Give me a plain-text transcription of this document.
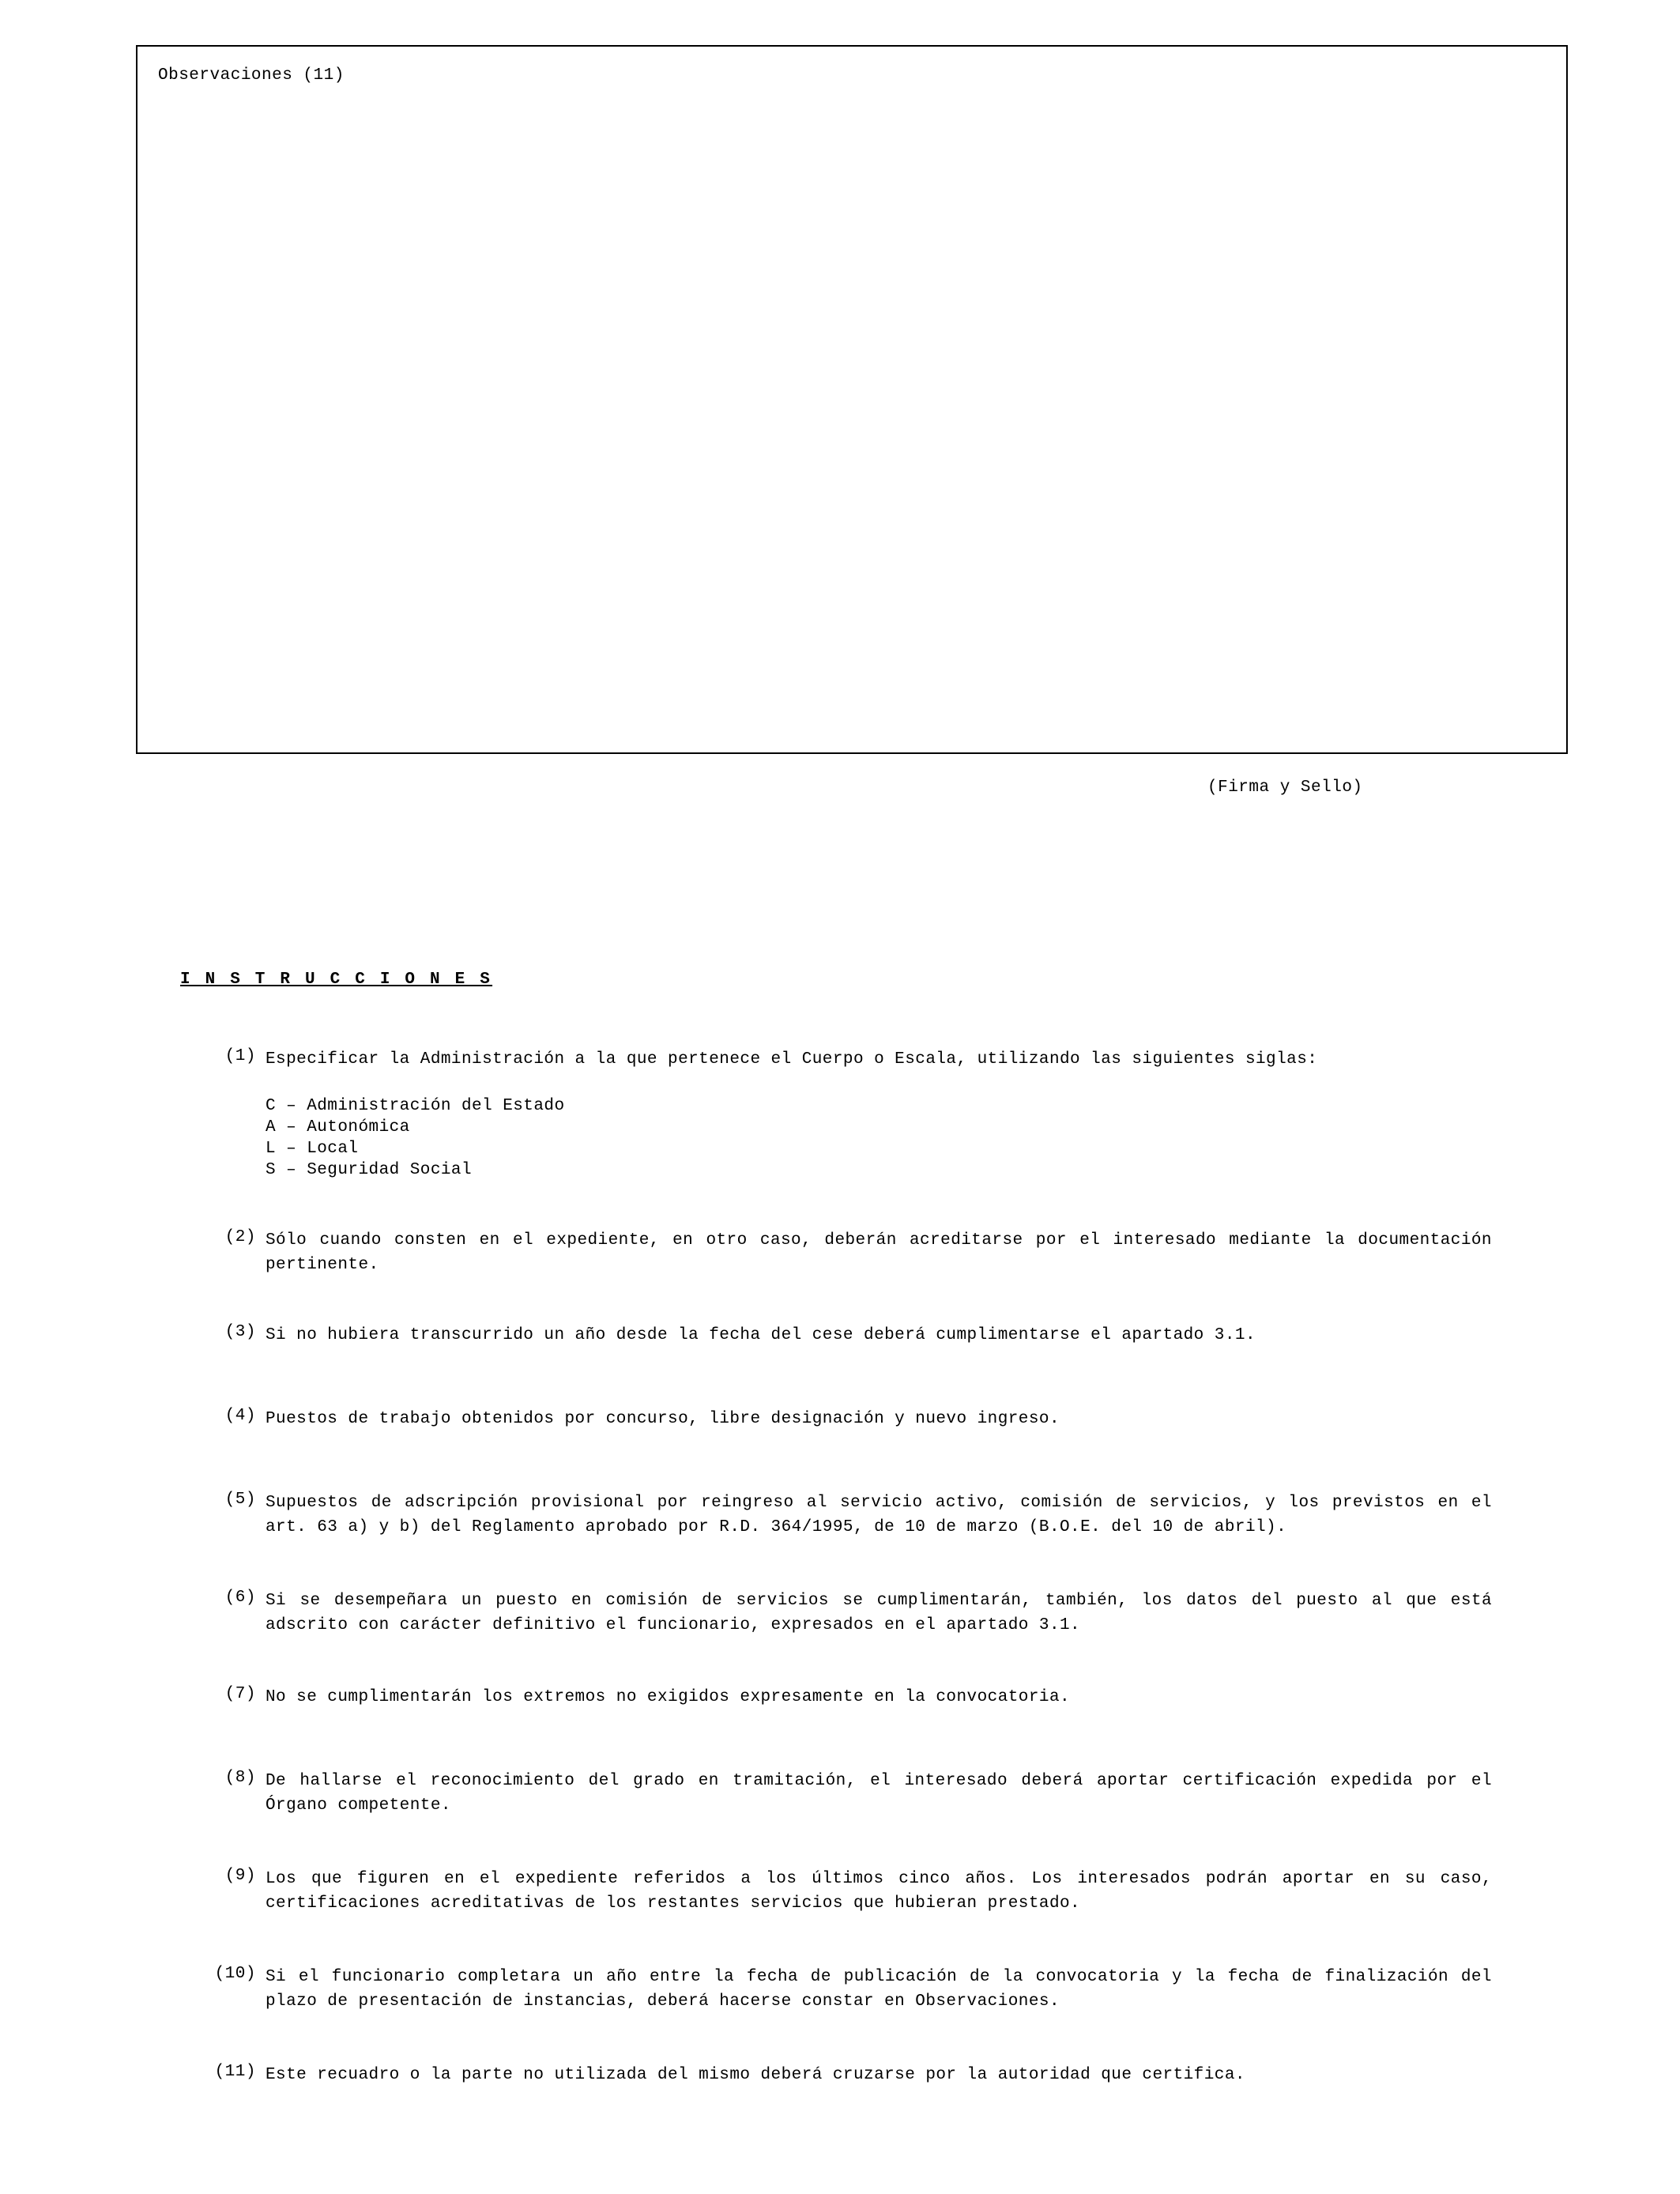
Observaciones (11)
(Firma y Sello)
I N S T R U C C I O N E S
(1) Especificar la Administración a la que pertenece el Cuerpo o Escala, utilizando las siguientes siglas:
C – Administración del Estado
A – Autonómica
L – Local
S – Seguridad Social
(2) Sólo cuando consten en el expediente, en otro caso, deberán acreditarse por el interesado mediante la documentación pertinente.
(3) Si no hubiera transcurrido un año desde la fecha del cese deberá cumplimentarse el apartado 3.1.
(4) Puestos de trabajo obtenidos por concurso, libre designación y nuevo ingreso.
(5) Supuestos de adscripción provisional por reingreso al servicio activo, comisión de servicios, y los previstos en el art. 63 a) y b) del Reglamento aprobado por R.D. 364/1995, de 10 de marzo (B.O.E. del 10 de abril).
(6) Si se desempeñara un puesto en comisión de servicios se cumplimentarán, también, los datos del puesto al que está adscrito con carácter definitivo el funcionario, expresados en el apartado 3.1.
(7) No se cumplimentarán los extremos no exigidos expresamente en la convocatoria.
(8) De hallarse el reconocimiento del grado en tramitación, el interesado deberá aportar certificación expedida por el Órgano competente.
(9) Los que figuren en el expediente referidos a los últimos cinco años. Los interesados podrán aportar en su caso, certificaciones acreditativas de los restantes servicios que hubieran prestado.
(10) Si el funcionario completara un año entre la fecha de publicación de la convocatoria y la fecha de finalización del plazo de presentación de instancias, deberá hacerse constar en Observaciones.
(11) Este recuadro o la parte no utilizada del mismo deberá cruzarse por la autoridad que certifica.
